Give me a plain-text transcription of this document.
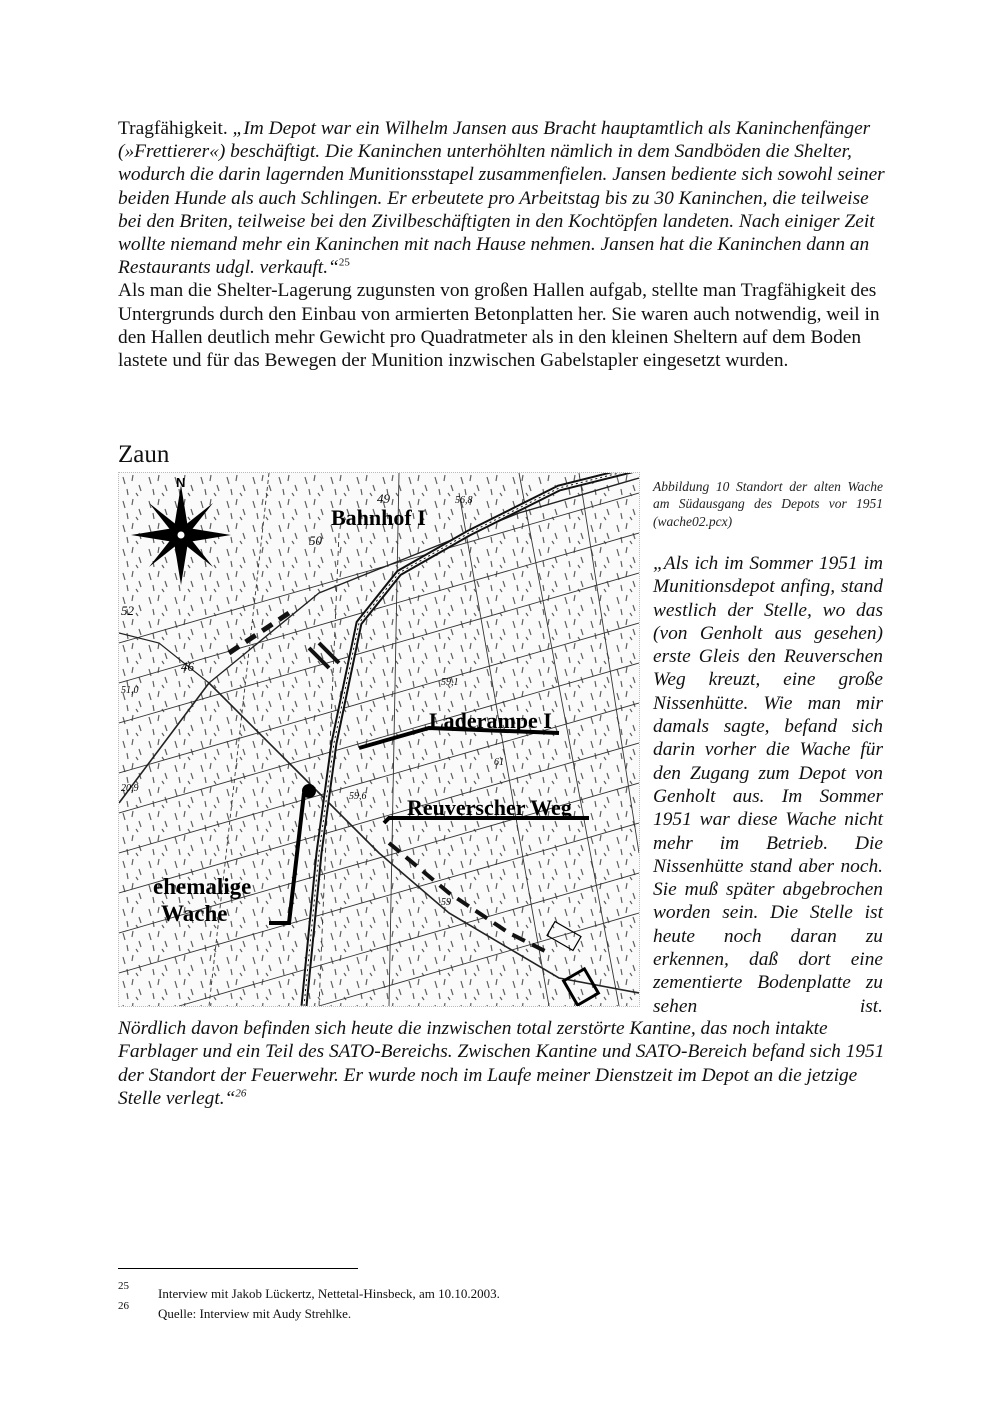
Tragfähigkeit. „Im Depot war ein Wilhelm Jansen aus Bracht hauptamtlich als Kaninchenfänger (»Frettierer«) beschäftigt. Die Kaninchen unterhöhlten nämlich in dem Sandböden die Shelter, wodurch die darin lagernden Munitionsstapel zusammenfielen. Jansen bediente sich sowohl seiner beiden Hunde als auch Schlingen. Er erbeutete pro Arbeitstag bis zu 30 Kaninchen, die teilweise bei den Briten, teilweise bei den Zivilbeschäftigten in den Kochtöpfen landeten. Nach einiger Zeit wollte niemand mehr ein Kaninchen mit nach Hause nehmen. Jansen hat die Kaninchen dann an Restaurants udgl. verkauft.“$^{25}$

Als man die Shelter-Lagerung zugunsten von großen Hallen aufgab, stellte man Tragfähigkeit des Untergrunds durch den Einbau von armierten Betonplatten her. Sie waren auch notwendig, weil in den Hallen deutlich mehr Gewicht pro Quadratmeter als in den kleinen Sheltern auf dem Boden lastete und für das Bewegen der Munition inzwischen Gabelstapler eingesetzt wurden.

Zaun
N
Bahnhof I
Laderampe I
Reuverscher Weg
ehemalige
Wache
49	56,8
50
52
46
51,0
59,6
61
59,1
59
20,9

Abbildung 10 Standort der alten Wache am Südausgang des Depots vor 1951 (wache02.pcx)

„Als ich im Sommer 1951 im Munitionsdepot anfing, stand westlich der Stelle, wo das (von Genholt aus gesehen) erste Gleis den Reuverschen Weg kreuzt, eine große Nissenhütte. Wie man mir damals sagte, befand sich darin vorher die Wache für den Zugang zum Depot von Genholt aus. Im Sommer 1951 war diese Wache nicht mehr im Betrieb. Die Nissenhütte stand aber noch. Sie muß später abgebrochen worden sein. Die Stelle ist heute noch daran zu erkennen, daß dort eine zementierte Bodenplatte zu sehen ist.

Nördlich davon befinden sich heute die inzwischen total zerstörte Kantine, das noch intakte Farblager und ein Teil des SATO-Bereichs. Zwischen Kantine und SATO-Bereich befand sich 1951 der Standort der Feuerwehr. Er wurde noch im Laufe meiner Dienstzeit im Depot an die jetzige Stelle verlegt.“$^{26}$

25 Interview mit Jakob Lückertz, Nettetal-Hinsbeck, am 10.10.2003.
26 Quelle: Interview mit Audy Strehlke.
